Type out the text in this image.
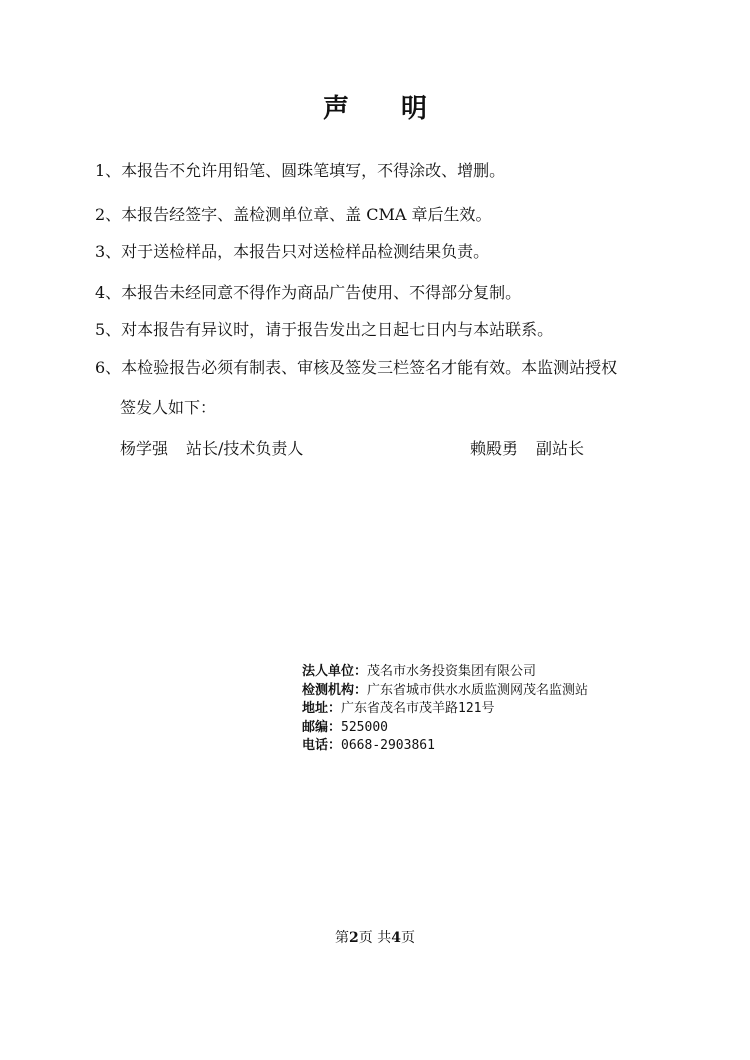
声 明

1、本报告不允许用铅笔、圆珠笔填写，不得涂改、增删。

2、本报告经签字、盖检测单位章、盖 CMA 章后生效。

3、对于送检样品，本报告只对送检样品检测结果负责。

4、本报告未经同意不得作为商品广告使用、不得部分复制。

5、对本报告有异议时，请于报告发出之日起七日内与本站联系。

6、本检验报告必须有制表、审核及签发三栏签名才能有效。本监测站授权

签发人如下：

杨学强 站长/技术负责人	赖殿勇 副站长
法人单位：茂名市水务投资集团有限公司
检测机构：广东省城市供水水质监测网茂名监测站
地址：广东省茂名市茂羊路121号
邮编：525000
电话：0668-2903861
第2页 共4页
